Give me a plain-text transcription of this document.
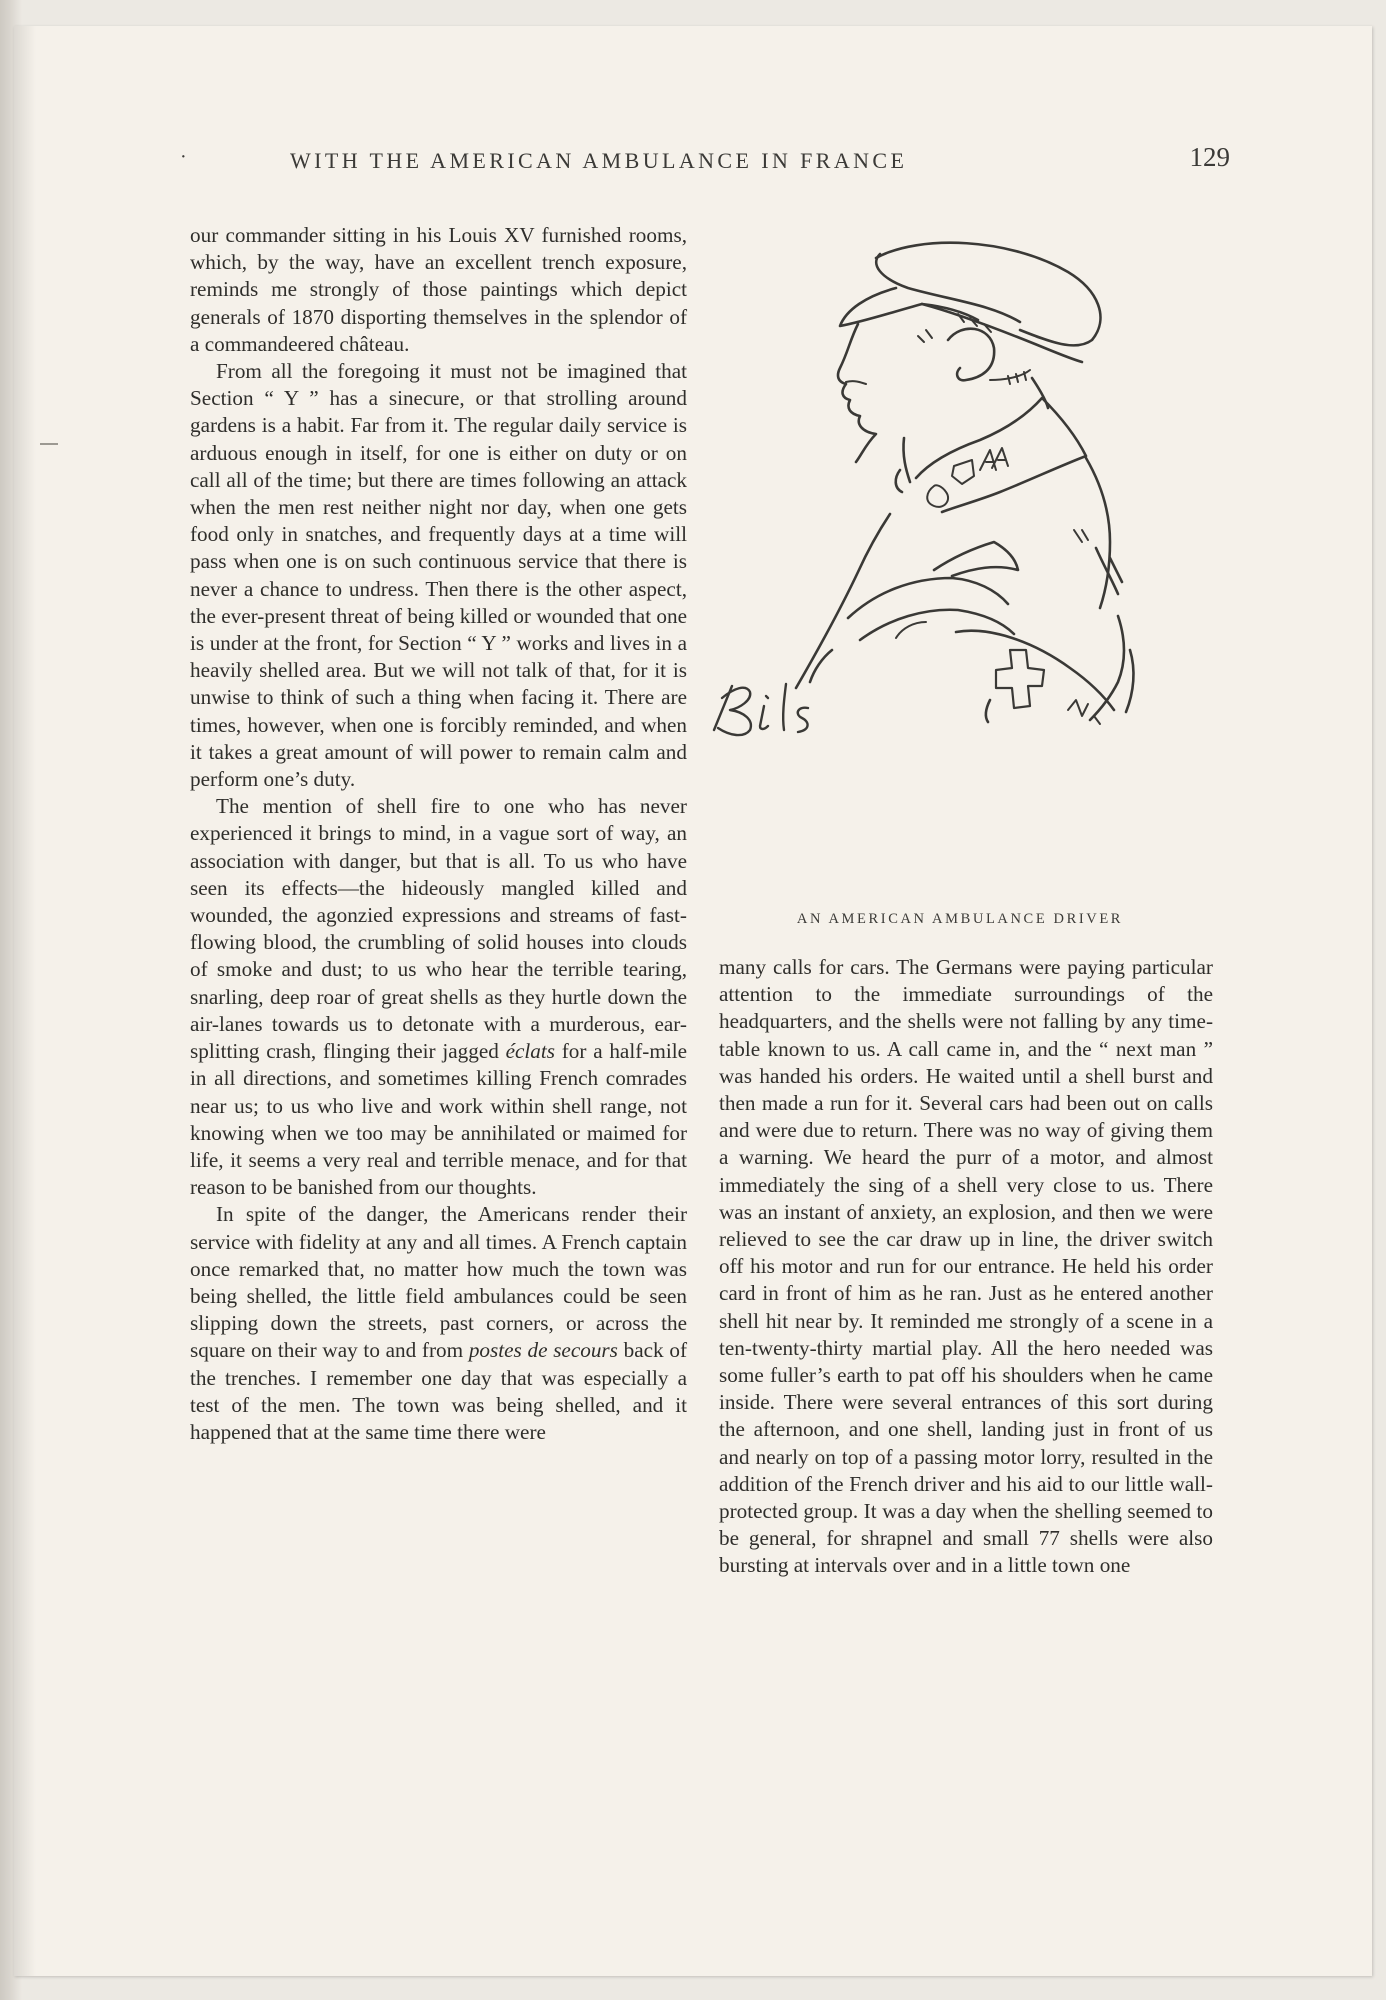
·	WITH THE AMERICAN AMBULANCE IN FRANCE	129

our commander sitting in his Louis XV furnished rooms, which, by the way, have an excellent trench exposure, reminds me strongly of those paintings which depict generals of 1870 disporting themselves in the splendor of a commandeered château.

From all the foregoing it must not be imagined that Section “ Y ” has a sinecure, or that strolling around gardens is a habit. Far from it. The regular daily service is arduous enough in itself, for one is either on duty or on call all of the time; but there are times following an attack when the men rest neither night nor day, when one gets food only in snatches, and frequently days at a time will pass when one is on such continuous service that there is never a chance to undress. Then there is the other aspect, the ever-present threat of being killed or wounded that one is under at the front, for Section “ Y ” works and lives in a heavily shelled area. But we will not talk of that, for it is unwise to think of such a thing when facing it. There are times, however, when one is forcibly reminded, and when it takes a great amount of will power to remain calm and perform one’s duty.

The mention of shell fire to one who has never experienced it brings to mind, in a vague sort of way, an association with danger, but that is all. To us who have seen its effects—the hideously mangled killed and wounded, the agonzied expressions and streams of fast-flowing blood, the crumbling of solid houses into clouds of smoke and dust; to us who hear the terrible tearing, snarling, deep roar of great shells as they hurtle down the air-lanes towards us to detonate with a murderous, ear-splitting crash, flinging their jagged éclats for a half-mile in all directions, and sometimes killing French comrades near us; to us who live and work within shell range, not knowing when we too may be annihilated or maimed for life, it seems a very real and terrible menace, and for that reason to be banished from our thoughts.

In spite of the danger, the Americans render their service with fidelity at any and all times. A French captain once remarked that, no matter how much the town was being shelled, the little field ambulances could be seen slipping down the streets, past corners, or across the square on their way to and from postes de secours back of the trenches. I remember one day that was especially a test of the men. The town was being shelled, and it happened that at the same time there were

AN AMERICAN AMBULANCE DRIVER

many calls for cars. The Germans were paying particular attention to the immediate surroundings of the headquarters, and the shells were not falling by any time-table known to us. A call came in, and the “ next man ” was handed his orders. He waited until a shell burst and then made a run for it. Several cars had been out on calls and were due to return. There was no way of giving them a warning. We heard the purr of a motor, and almost immediately the sing of a shell very close to us. There was an instant of anxiety, an explosion, and then we were relieved to see the car draw up in line, the driver switch off his motor and run for our entrance. He held his order card in front of him as he ran. Just as he entered another shell hit near by. It reminded me strongly of a scene in a ten-twenty-thirty martial play. All the hero needed was some fuller’s earth to pat off his shoulders when he came inside. There were several entrances of this sort during the afternoon, and one shell, landing just in front of us and nearly on top of a passing motor lorry, resulted in the addition of the French driver and his aid to our little wall-protected group. It was a day when the shelling seemed to be general, for shrapnel and small 77 shells were also bursting at intervals over and in a little town one
